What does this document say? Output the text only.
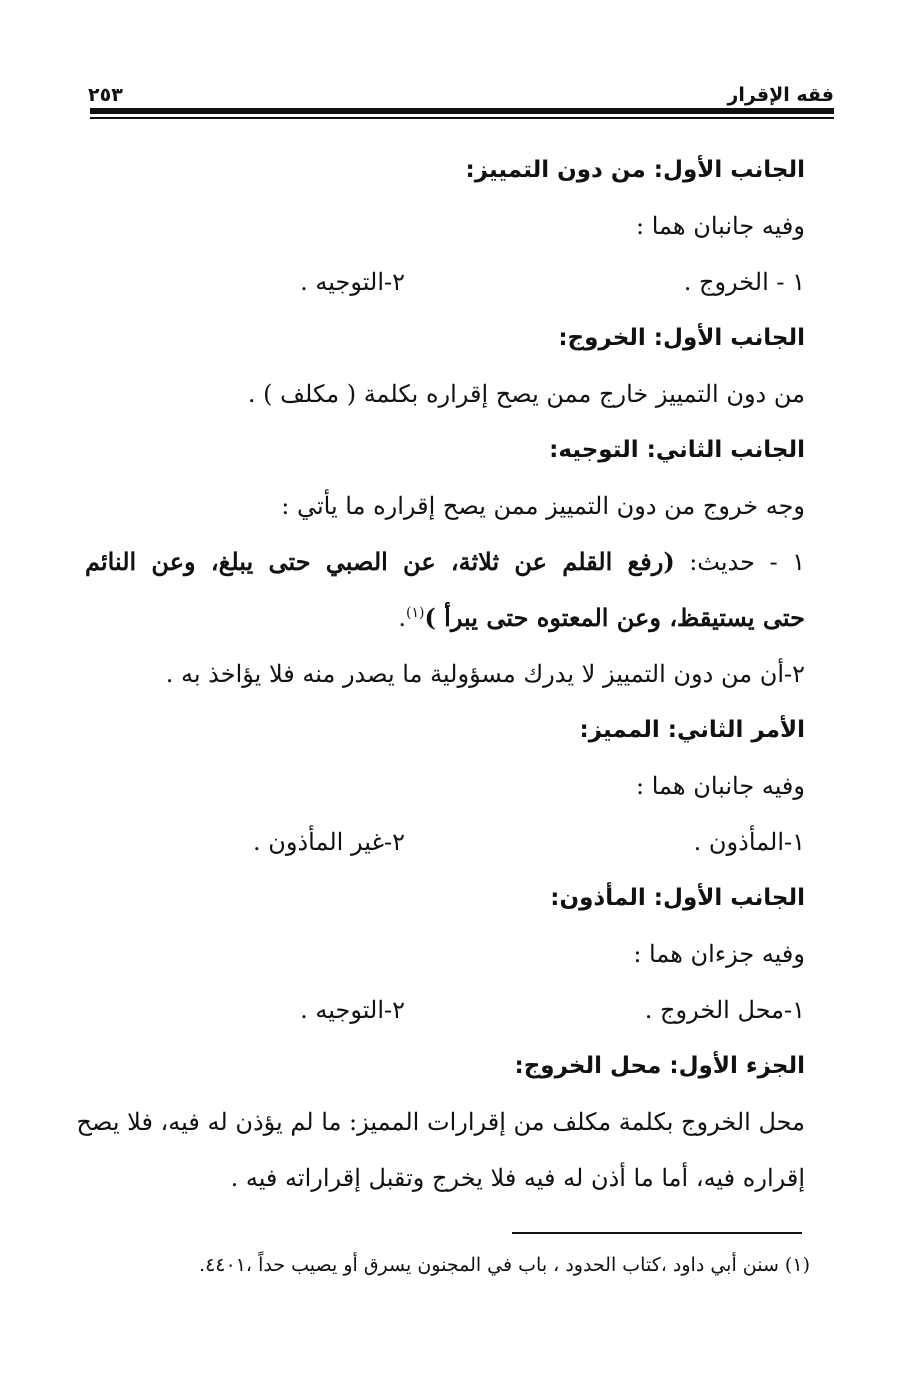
فقه الإقرار
٢٥٣
الجانب الأول: من دون التمييز:
وفيه جانبان هما :
١ - الخروج .
٢-التوجيه .
الجانب الأول: الخروج:
من دون التمييز خارج ممن يصح إقراره بكلمة ( مكلف ) .
الجانب الثاني: التوجيه:
وجه خروج من دون التمييز ممن يصح إقراره ما يأتي :
١ - حديث: (رفع القلم عن ثلاثة، عن الصبي حتى يبلغ، وعن النائم
حتى يستيقظ، وعن المعتوه حتى يبرأ )$^{(١)}$.
٢-أن من دون التمييز لا يدرك مسؤولية ما يصدر منه فلا يؤاخذ به .
الأمر الثاني: المميز:
وفيه جانبان هما :
١-المأذون .
٢-غير المأذون .
الجانب الأول: المأذون:
وفيه جزءان هما :
١-محل الخروج .
٢-التوجيه .
الجزء الأول: محل الخروج:
محل الخروج بكلمة مكلف من إقرارات المميز: ما لم يؤذن له فيه، فلا يصح
إقراره فيه، أما ما أذن له فيه فلا يخرج وتقبل إقراراته فيه .
(١) سنن أبي داود ،كتاب الحدود ، باب في المجنون يسرق أو يصيب حداً ،٤٤٠١.
